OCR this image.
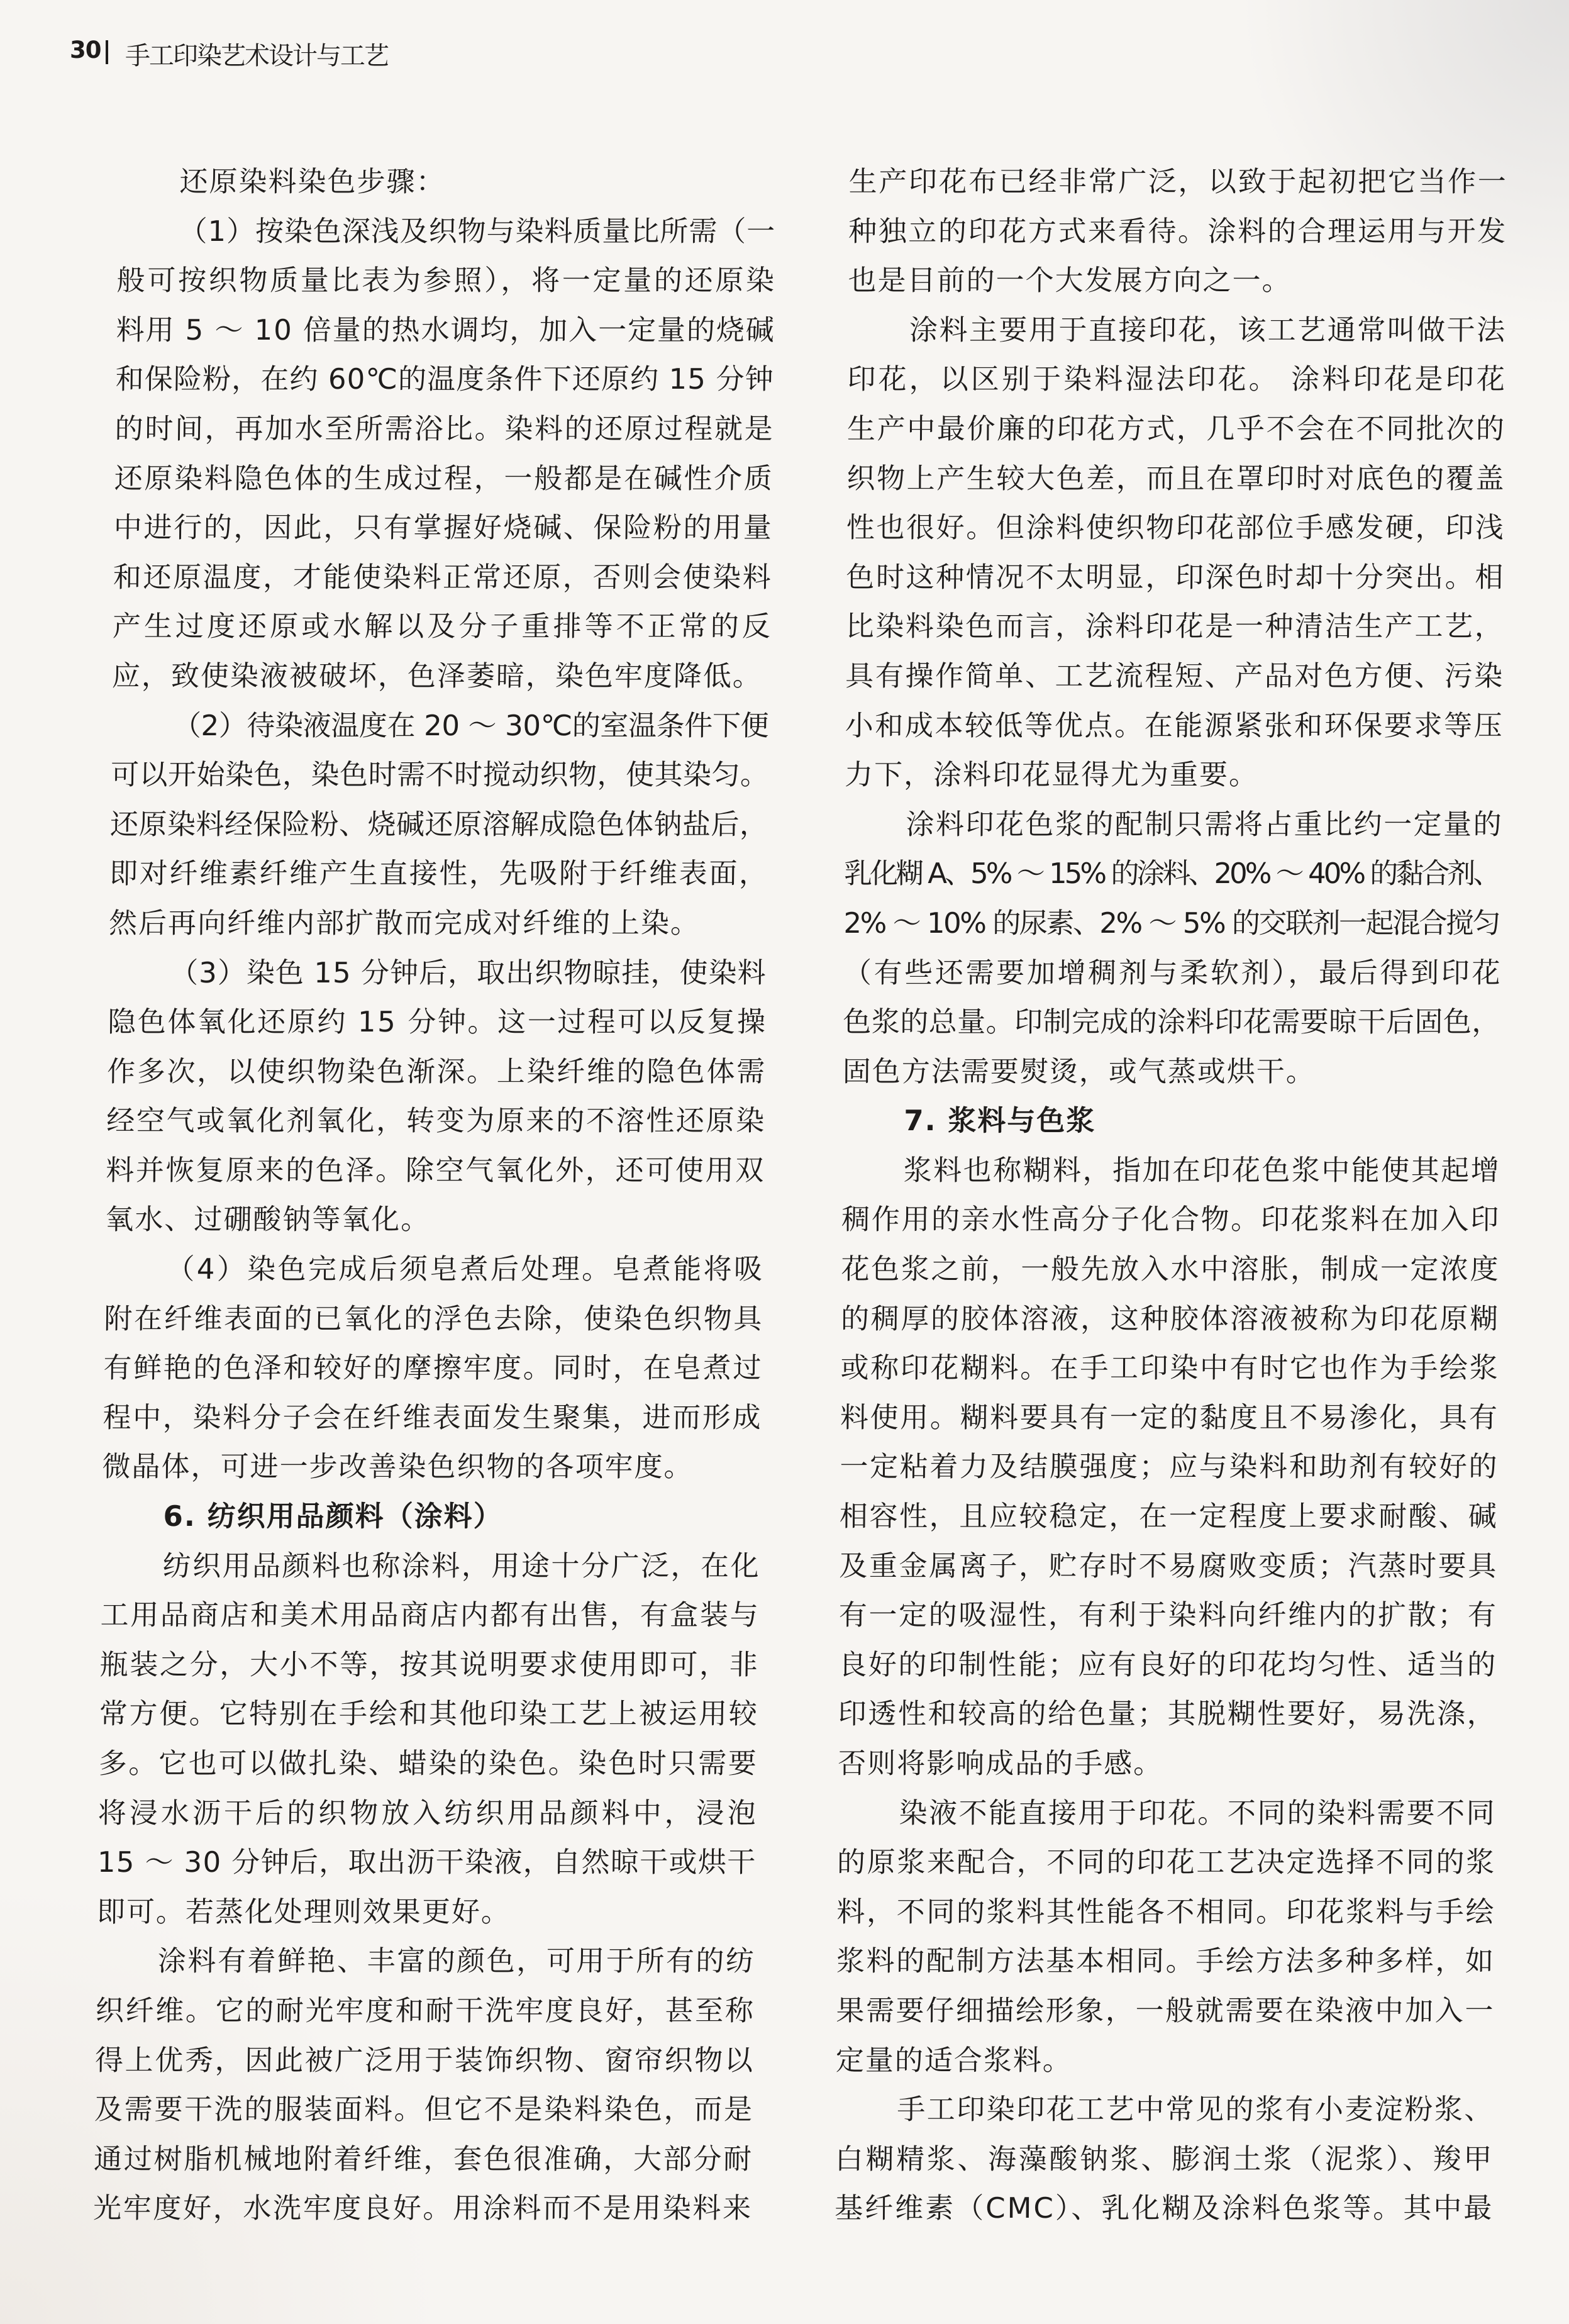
30 手工印染艺术设计与工艺
还原染料染色步骤：
（1）按染色深浅及织物与染料质量比所需（一
般可按织物质量比表为参照），将一定量的还原染
料用 5 ～ 10 倍量的热水调均，加入一定量的烧碱
和保险粉，在约 60℃的温度条件下还原约 15 分钟
的时间，再加水至所需浴比。染料的还原过程就是
还原染料隐色体的生成过程，一般都是在碱性介质
中进行的，因此，只有掌握好烧碱、保险粉的用量
和还原温度，才能使染料正常还原，否则会使染料
产生过度还原或水解以及分子重排等不正常的反
应，致使染液被破坏，色泽萎暗，染色牢度降低。
（2）待染液温度在 20 ～ 30℃的室温条件下便
可以开始染色，染色时需不时搅动织物，使其染匀。
还原染料经保险粉、烧碱还原溶解成隐色体钠盐后，
即对纤维素纤维产生直接性，先吸附于纤维表面，
然后再向纤维内部扩散而完成对纤维的上染。
（3）染色 15 分钟后，取出织物晾挂，使染料
隐色体氧化还原约 15 分钟。这一过程可以反复操
作多次，以使织物染色渐深。上染纤维的隐色体需
经空气或氧化剂氧化，转变为原来的不溶性还原染
料并恢复原来的色泽。除空气氧化外，还可使用双
氧水、过硼酸钠等氧化。
（4）染色完成后须皂煮后处理。皂煮能将吸
附在纤维表面的已氧化的浮色去除，使染色织物具
有鲜艳的色泽和较好的摩擦牢度。同时，在皂煮过
程中，染料分子会在纤维表面发生聚集，进而形成
微晶体，可进一步改善染色织物的各项牢度。
6. 纺织用品颜料（涂料）
纺织用品颜料也称涂料，用途十分广泛，在化
工用品商店和美术用品商店内都有出售，有盒装与
瓶装之分，大小不等，按其说明要求使用即可，非
常方便。它特别在手绘和其他印染工艺上被运用较
多。它也可以做扎染、蜡染的染色。染色时只需要
将浸水沥干后的织物放入纺织用品颜料中，浸泡
15 ～ 30 分钟后，取出沥干染液，自然晾干或烘干
即可。若蒸化处理则效果更好。
涂料有着鲜艳、丰富的颜色，可用于所有的纺
织纤维。它的耐光牢度和耐干洗牢度良好，甚至称
得上优秀，因此被广泛用于装饰织物、窗帘织物以
及需要干洗的服装面料。但它不是染料染色，而是
通过树脂机械地附着纤维，套色很准确，大部分耐
光牢度好，水洗牢度良好。用涂料而不是用染料来
生产印花布已经非常广泛，以致于起初把它当作一
种独立的印花方式来看待。涂料的合理运用与开发
也是目前的一个大发展方向之一。
涂料主要用于直接印花，该工艺通常叫做干法
印花，以区别于染料湿法印花。 涂料印花是印花
生产中最价廉的印花方式，几乎不会在不同批次的
织物上产生较大色差，而且在罩印时对底色的覆盖
性也很好。但涂料使织物印花部位手感发硬，印浅
色时这种情况不太明显，印深色时却十分突出。相
比染料染色而言，涂料印花是一种清洁生产工艺，
具有操作简单、工艺流程短、产品对色方便、污染
小和成本较低等优点。在能源紧张和环保要求等压
力下，涂料印花显得尤为重要。
涂料印花色浆的配制只需将占重比约一定量的
乳化糊 A、5% ～ 15% 的涂料、20% ～ 40% 的黏合剂、
2% ～ 10% 的尿素、2% ～ 5% 的交联剂一起混合搅匀
（有些还需要加增稠剂与柔软剂），最后得到印花
色浆的总量。印制完成的涂料印花需要晾干后固色，
固色方法需要熨烫，或气蒸或烘干。
7. 浆料与色浆
浆料也称糊料，指加在印花色浆中能使其起增
稠作用的亲水性高分子化合物。印花浆料在加入印
花色浆之前，一般先放入水中溶胀，制成一定浓度
的稠厚的胶体溶液，这种胶体溶液被称为印花原糊
或称印花糊料。在手工印染中有时它也作为手绘浆
料使用。糊料要具有一定的黏度且不易渗化，具有
一定粘着力及结膜强度；应与染料和助剂有较好的
相容性，且应较稳定，在一定程度上要求耐酸、碱
及重金属离子，贮存时不易腐败变质；汽蒸时要具
有一定的吸湿性，有利于染料向纤维内的扩散；有
良好的印制性能；应有良好的印花均匀性、适当的
印透性和较高的给色量；其脱糊性要好，易洗涤，
否则将影响成品的手感。
染液不能直接用于印花。不同的染料需要不同
的原浆来配合，不同的印花工艺决定选择不同的浆
料，不同的浆料其性能各不相同。印花浆料与手绘
浆料的配制方法基本相同。手绘方法多种多样，如
果需要仔细描绘形象，一般就需要在染液中加入一
定量的适合浆料。
手工印染印花工艺中常见的浆有小麦淀粉浆、
白糊精浆、海藻酸钠浆、膨润土浆（泥浆）、羧甲
基纤维素（CMC）、乳化糊及涂料色浆等。其中最
